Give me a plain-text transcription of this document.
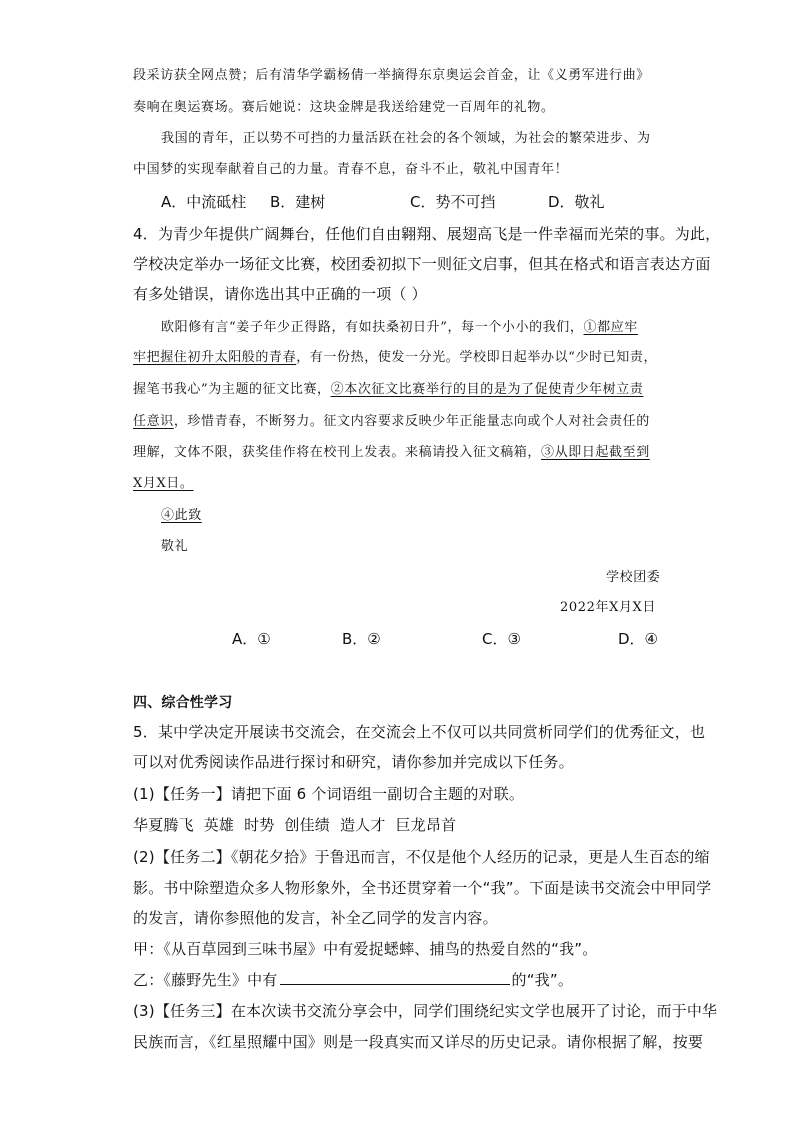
段采访获全网点赞；后有清华学霸杨倩一举摘得东京奥运会首金，让《义勇军进行曲》
奏响在奥运赛场。赛后她说：这块金牌是我送给建党一百周年的礼物。
我国的青年，正以势不可挡的力量活跃在社会的各个领域，为社会的繁荣进步、为
中国梦的实现奉献着自己的力量。青春不息，奋斗不止，敬礼中国青年！
A．中流砥柱 B．建树	C．势不可挡	D．敬礼
4．为青少年提供广阔舞台，任他们自由翱翔、展翅高飞是一件幸福而光荣的事。为此，
学校决定举办一场征文比赛，校团委初拟下一则征文启事，但其在格式和语言表达方面
有多处错误，请你选出其中正确的一项（ ）
欧阳修有言“姜子年少正得路，有如扶桑初日升”，每一个小小的我们，①都应牢
牢把握住初升太阳般的青春，有一份热，使发一分光。学校即日起举办以“少时已知责，
握笔书我心”为主题的征文比赛，②本次征文比赛举行的目的是为了促使青少年树立责
任意识，珍惜青春，不断努力。征文内容要求反映少年正能量志向或个人对社会责任的
理解，文体不限，获奖佳作将在校刊上发表。来稿请投入征文稿箱，③从即日起截至到
X月X日。
④此致
敬礼
学校团委
2022年X月X日
A．①	B．②	C．③	D．④
四、综合性学习
5．某中学决定开展读书交流会，在交流会上不仅可以共同赏析同学们的优秀征文，也
可以对优秀阅读作品进行探讨和研究，请你参加并完成以下任务。
(1)【任务一】请把下面 6 个词语组一副切合主题的对联。
华夏腾飞  英雄  时势  创佳绩  造人才  巨龙昂首
(2)【任务二】《朝花夕拾》于鲁迅而言，不仅是他个人经历的记录，更是人生百态的缩
影。书中除塑造众多人物形象外，全书还贯穿着一个“我”。下面是读书交流会中甲同学
的发言，请你参照他的发言，补全乙同学的发言内容。
甲：《从百草园到三味书屋》中有爱捉蟋蟀、捕鸟的热爱自然的“我”。
乙：《藤野先生》中有	的“我”。
(3)【任务三】在本次读书交流分享会中，同学们围绕纪实文学也展开了讨论，而于中华
民族而言，《红星照耀中国》则是一段真实而又详尽的历史记录。请你根据了解，按要
